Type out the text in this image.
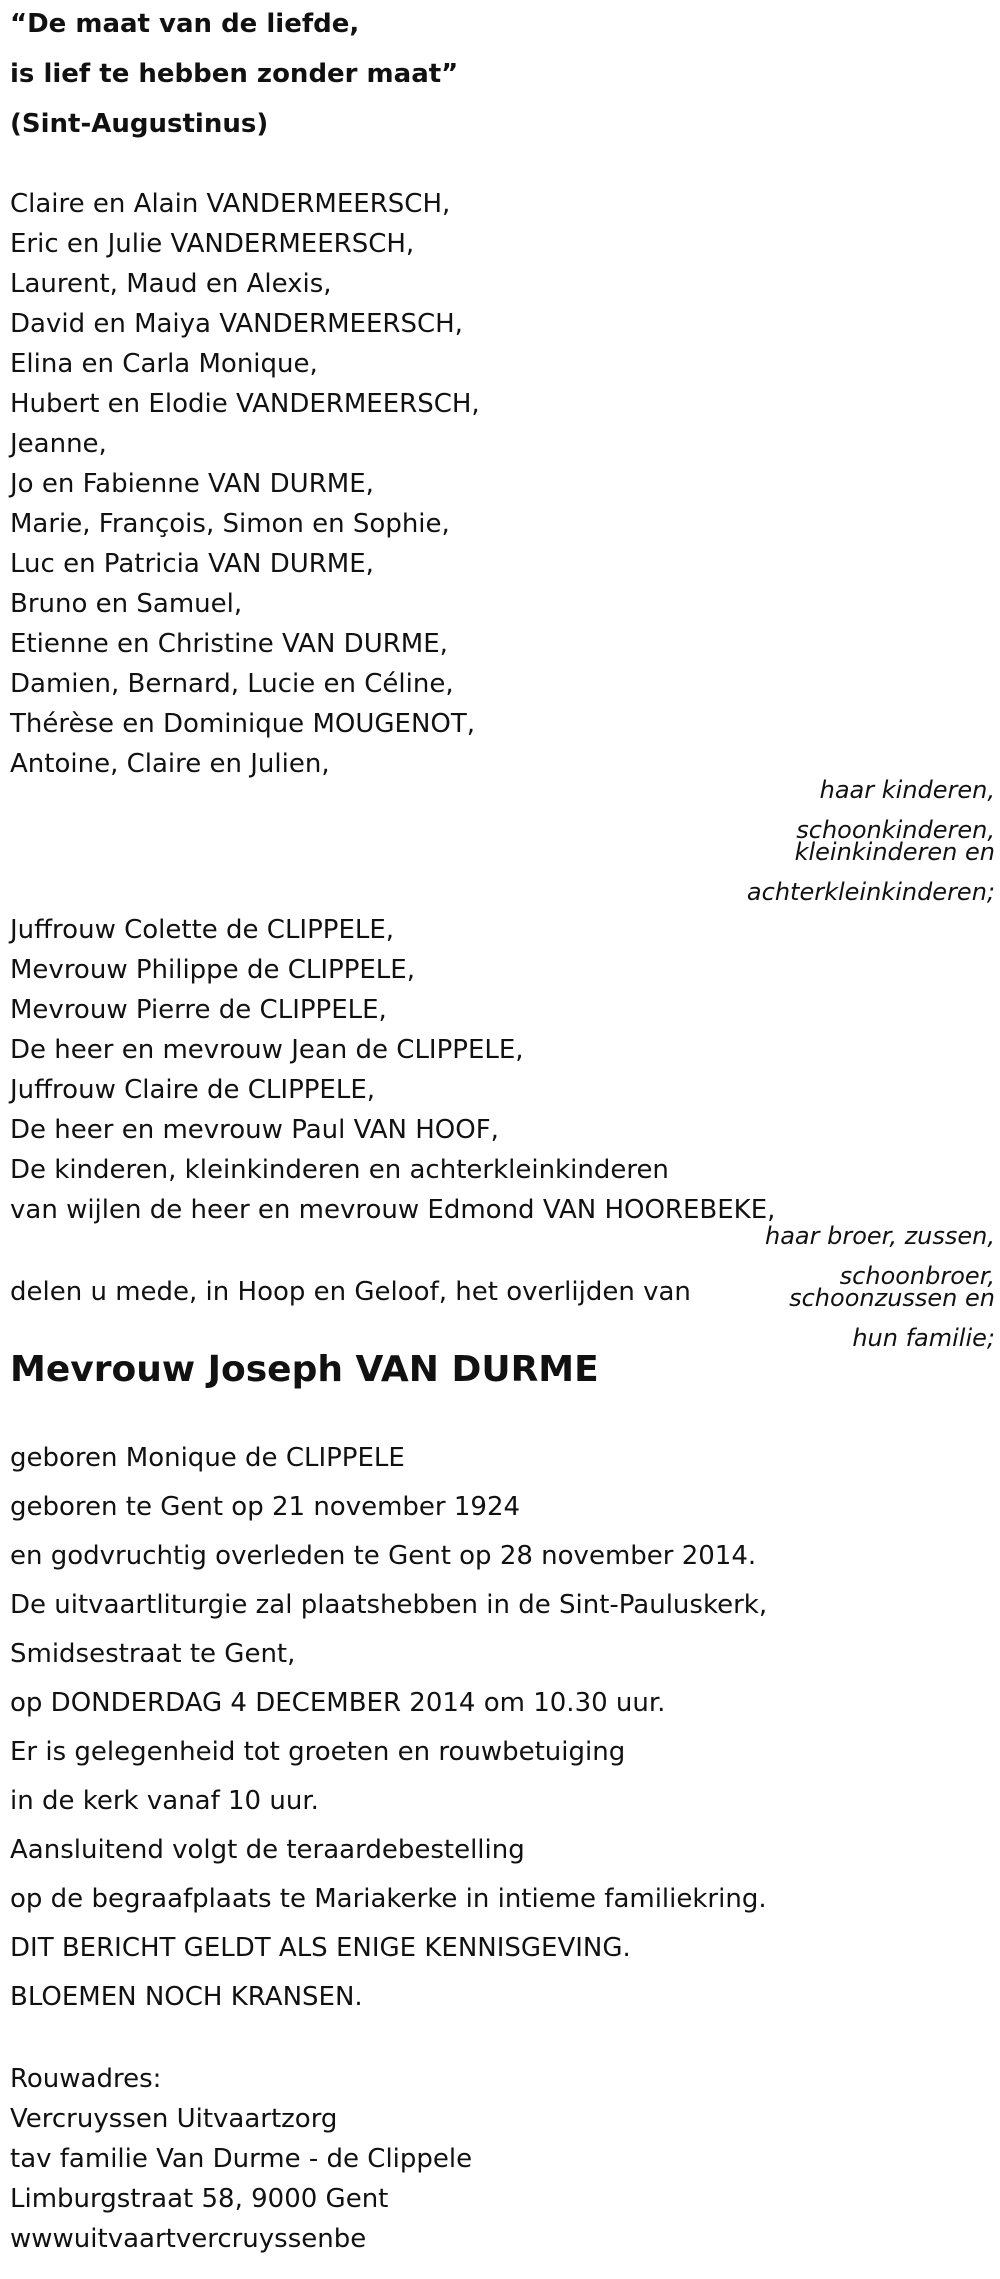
“De maat van de liefde,
is lief te hebben zonder maat”
(Sint-Augustinus)
Claire en Alain VANDERMEERSCH,
Eric en Julie VANDERMEERSCH,
Laurent, Maud en Alexis,
David en Maiya VANDERMEERSCH,
Elina en Carla Monique,
Hubert en Elodie VANDERMEERSCH,
Jeanne,
Jo en Fabienne VAN DURME,
Marie, François, Simon en Sophie,
Luc en Patricia VAN DURME,
Bruno en Samuel,
Etienne en Christine VAN DURME,
Damien, Bernard, Lucie en Céline,
Thérèse en Dominique MOUGENOT,
Antoine, Claire en Julien,
haar kinderen,
schoonkinderen,
kleinkinderen en
achterkleinkinderen;
Juffrouw Colette de CLIPPELE,
Mevrouw Philippe de CLIPPELE,
Mevrouw Pierre de CLIPPELE,
De heer en mevrouw Jean de CLIPPELE,
Juffrouw Claire de CLIPPELE,
De heer en mevrouw Paul VAN HOOF,
De kinderen, kleinkinderen en achterkleinkinderen
van wijlen de heer en mevrouw Edmond VAN HOOREBEKE,
haar broer, zussen,
schoonbroer,
schoonzussen en
hun familie;
delen u mede, in Hoop en Geloof, het overlijden van
Mevrouw Joseph VAN DURME
geboren Monique de CLIPPELE
geboren te Gent op 21 november 1924
en godvruchtig overleden te Gent op 28 november 2014.
De uitvaartliturgie zal plaatshebben in de Sint-Pauluskerk,
Smidsestraat te Gent,
op DONDERDAG 4 DECEMBER 2014 om 10.30 uur.
Er is gelegenheid tot groeten en rouwbetuiging
in de kerk vanaf 10 uur.
Aansluitend volgt de teraardebestelling
op de begraafplaats te Mariakerke in intieme familiekring.
DIT BERICHT GELDT ALS ENIGE KENNISGEVING.
BLOEMEN NOCH KRANSEN.
Rouwadres:
Vercruyssen Uitvaartzorg
tav familie Van Durme - de Clippele
Limburgstraat 58, 9000 Gent
wwwuitvaartvercruyssenbe
